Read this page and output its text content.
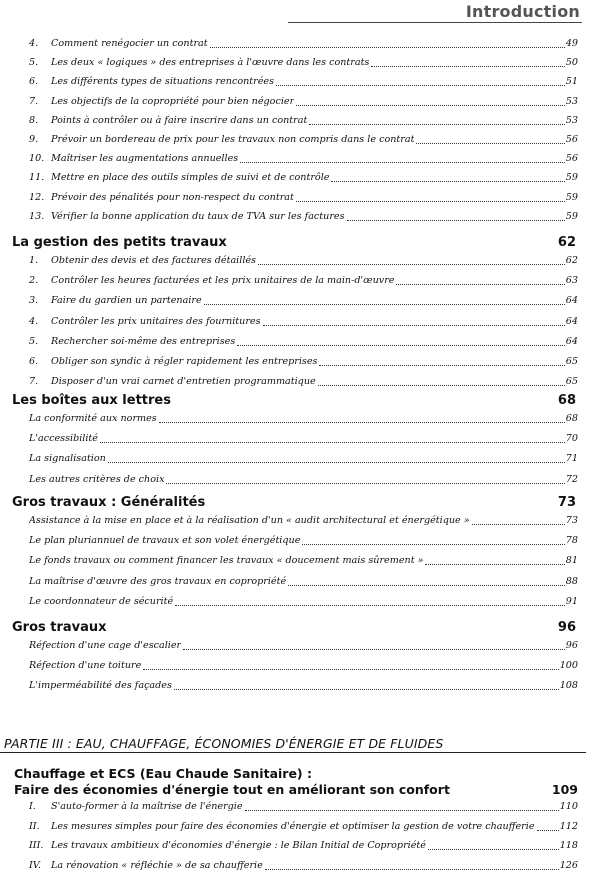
Introduction
4.	Comment renégocier un contrat	49
5.	Les deux « logiques » des entreprises à l'œuvre dans les contrats	50
6.	Les différents types de situations rencontrées	51
7.	Les objectifs de la copropriété pour bien négocier	53
8.	Points à contrôler ou à faire inscrire dans un contrat	53
9.	Prévoir un bordereau de prix pour les travaux non compris dans le contrat	56
10. Maîtriser les augmentations annuelles	56
11. Mettre en place des outils simples de suivi et de contrôle	59
12. Prévoir des pénalités pour non-respect du contrat	59
13. Vérifier la bonne application du taux de TVA sur les factures	59
La gestion des petits travaux	62
1.	Obtenir des devis et des factures détaillés	62
2.	Contrôler les heures facturées et les prix unitaires de la main-d'œuvre	63
3.	Faire du gardien un partenaire	64
4.	Contrôler les prix unitaires des fournitures	64
5.	Rechercher soi-même des entreprises	64
6.	Obliger son syndic à régler rapidement les entreprises	65
7.	Disposer d'un vrai carnet d'entretien programmatique	65
Les boîtes aux lettres	68
La conformité aux normes	68
L'accessibilité	70
La signalisation	71
Les autres critères de choix	72
Gros travaux : Généralités	73
Assistance à la mise en place et à la réalisation d'un « audit architectural et énergétique »	73
Le plan pluriannuel de travaux et son volet énergétique	78
Le fonds travaux ou comment financer les travaux « doucement mais sûrement »	81
La maîtrise d'œuvre des gros travaux en copropriété	88
Le coordonnateur de sécurité	91
Gros travaux	96
Réfection d'une cage d'escalier	96
Réfection d'une toiture	100
L'imperméabilité des façades	108
PARTIE III : EAU, CHAUFFAGE, ÉCONOMIES D'ÉNERGIE ET DE FLUIDES
Chauffage et ECS (Eau Chaude Sanitaire) :
Faire des économies d'énergie tout en améliorant son confort	109
I.	S'auto-former à la maîtrise de l'énergie	110
II.	Les mesures simples pour faire des économies d'énergie et optimiser la gestion de votre chaufferie	112
III. Les travaux ambitieux d'économies d'énergie : le Bilan Initial de Copropriété	118
IV.	La rénovation « réfléchie » de sa chaufferie	126
